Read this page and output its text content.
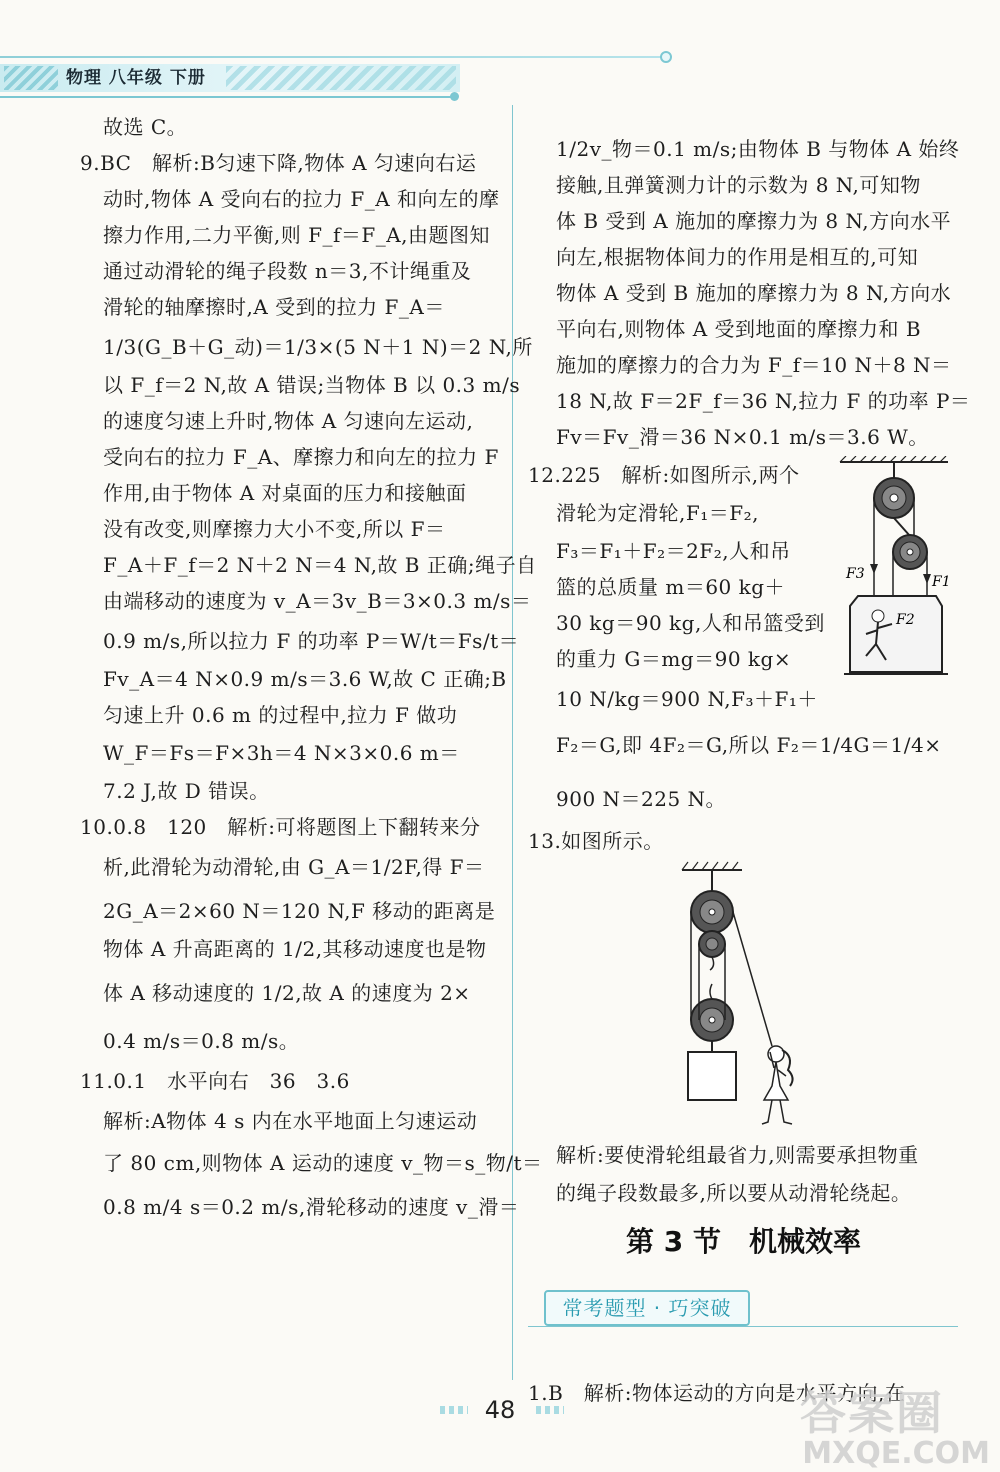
物理 八年级 下册
故选 C。
9.BC　解析:B匀速下降,物体 A 匀速向右运
动时,物体 A 受向右的拉力 F_A 和向左的摩
擦力作用,二力平衡,则 F_f＝F_A,由题图知
通过动滑轮的绳子段数 n＝3,不计绳重及
滑轮的轴摩擦时,A 受到的拉力 F_A＝
1/3(G_B＋G_动)＝1/3×(5 N＋1 N)＝2 N,所
以 F_f＝2 N,故 A 错误;当物体 B 以 0.3 m/s
的速度匀速上升时,物体 A 匀速向左运动,
受向右的拉力 F_A、摩擦力和向左的拉力 F
作用,由于物体 A 对桌面的压力和接触面
没有改变,则摩擦力大小不变,所以 F＝
F_A＋F_f＝2 N＋2 N＝4 N,故 B 正确;绳子自
由端移动的速度为 v_A＝3v_B＝3×0.3 m/s＝
0.9 m/s,所以拉力 F 的功率 P＝W/t＝Fs/t＝
Fv_A＝4 N×0.9 m/s＝3.6 W,故 C 正确;B
匀速上升 0.6 m 的过程中,拉力 F 做功
W_F＝Fs＝F×3h＝4 N×3×0.6 m＝
7.2 J,故 D 错误。
10.0.8　120　解析:可将题图上下翻转来分
析,此滑轮为动滑轮,由 G_A＝1/2F,得 F＝
2G_A＝2×60 N＝120 N,F 移动的距离是
物体 A 升高距离的 1/2,其移动速度也是物
体 A 移动速度的 1/2,故 A 的速度为 2×
0.4 m/s＝0.8 m/s。
11.0.1　水平向右　36　3.6
解析:A物体 4 s 内在水平地面上匀速运动
了 80 cm,则物体 A 运动的速度 v_物＝s_物/t＝
0.8 m/4 s＝0.2 m/s,滑轮移动的速度 v_滑＝
1/2v_物＝0.1 m/s;由物体 B 与物体 A 始终
接触,且弹簧测力计的示数为 8 N,可知物
体 B 受到 A 施加的摩擦力为 8 N,方向水平
向左,根据物体间力的作用是相互的,可知
物体 A 受到 B 施加的摩擦力为 8 N,方向水
平向右,则物体 A 受到地面的摩擦力和 B
施加的摩擦力的合力为 F_f＝10 N＋8 N＝
18 N,故 F＝2F_f＝36 N,拉力 F 的功率 P＝
Fv＝Fv_滑＝36 N×0.1 m/s＝3.6 W。
12.225　解析:如图所示,两个
滑轮为定滑轮,F₁＝F₂,
F₃＝F₁＋F₂＝2F₂,人和吊
篮的总质量 m＝60 kg＋
30 kg＝90 kg,人和吊篮受到
的重力 G＝mg＝90 kg×
10 N/kg＝900 N,F₃＋F₁＋
F₂＝G,即 4F₂＝G,所以 F₂＝1/4G＝1/4×
900 N＝225 N。
13.如图所示。
解析:要使滑轮组最省力,则需要承担物重
的绳子段数最多,所以要从动滑轮绕起。
F3	F1
F2
第 3 节　机械效率
常考题型 · 巧突破
1.B　解析:物体运动的方向是水平方向,在
48	答案圈
MXQE.COM
